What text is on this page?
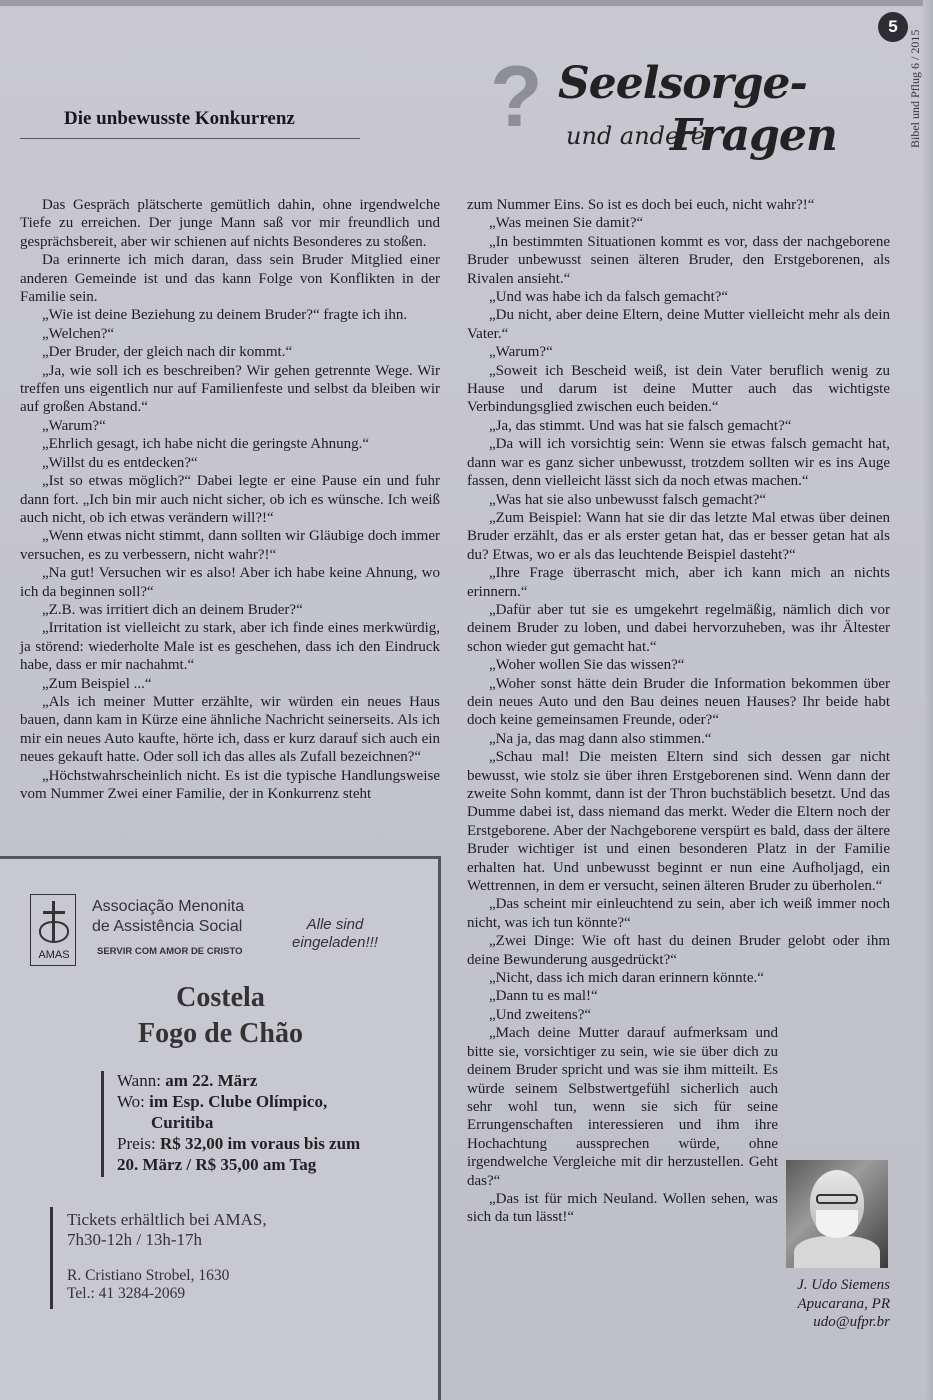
5
Bibel und Pflug 6 / 2015
Die unbewusste Konkurrenz ? Seelsorge-
und andere
Fragen

Das Gespräch plätscherte gemütlich dahin, ohne irgendwelche Tiefe zu erreichen. Der junge Mann saß vor mir freundlich und gesprächsbereit, aber wir schienen auf nichts Besonderes zu stoßen.

Da erinnerte ich mich daran, dass sein Bruder Mitglied einer anderen Gemeinde ist und das kann Folge von Konflikten in der Familie sein.

„Wie ist deine Beziehung zu deinem Bruder?“ fragte ich ihn.

„Welchen?“

„Der Bruder, der gleich nach dir kommt.“

„Ja, wie soll ich es beschreiben? Wir gehen getrennte Wege. Wir treffen uns eigentlich nur auf Familienfeste und selbst da bleiben wir auf großen Abstand.“

„Warum?“

„Ehrlich gesagt, ich habe nicht die geringste Ahnung.“

„Willst du es entdecken?“

„Ist so etwas möglich?“ Dabei legte er eine Pause ein und fuhr dann fort. „Ich bin mir auch nicht sicher, ob ich es wünsche. Ich weiß auch nicht, ob ich etwas verändern will?!“

„Wenn etwas nicht stimmt, dann sollten wir Gläubige doch immer versuchen, es zu verbessern, nicht wahr?!“

„Na gut! Versuchen wir es also! Aber ich habe keine Ahnung, wo ich da beginnen soll?“

„Z.B. was irritiert dich an deinem Bruder?“

„Irritation ist vielleicht zu stark, aber ich finde eines merkwürdig, ja störend: wiederholte Male ist es geschehen, dass ich den Eindruck habe, dass er mir nachahmt.“

„Zum Beispiel ...“

„Als ich meiner Mutter erzählte, wir würden ein neues Haus bauen, dann kam in Kürze eine ähnliche Nachricht seinerseits. Als ich mir ein neues Auto kaufte, hörte ich, dass er kurz darauf sich auch ein neues gekauft hatte. Oder soll ich das alles als Zufall bezeichnen?“

„Höchstwahrscheinlich nicht. Es ist die typische Handlungsweise vom Nummer Zwei einer Familie, der in Konkurrenz steht

zum Nummer Eins. So ist es doch bei euch, nicht wahr?!“

„Was meinen Sie damit?“

„In bestimmten Situationen kommt es vor, dass der nachgeborene Bruder unbewusst seinen älteren Bruder, den Erstgeborenen, als Rivalen ansieht.“

„Und was habe ich da falsch gemacht?“

„Du nicht, aber deine Eltern, deine Mutter vielleicht mehr als dein Vater.“

„Warum?“

„Soweit ich Bescheid weiß, ist dein Vater beruflich wenig zu Hause und darum ist deine Mutter auch das wichtigste Verbindungsglied zwischen euch beiden.“

„Ja, das stimmt. Und was hat sie falsch gemacht?“

„Da will ich vorsichtig sein: Wenn sie etwas falsch gemacht hat, dann war es ganz sicher unbewusst, trotzdem sollten wir es ins Auge fassen, denn vielleicht lässt sich da noch etwas machen.“

„Was hat sie also unbewusst falsch gemacht?“

„Zum Beispiel: Wann hat sie dir das letzte Mal etwas über deinen Bruder erzählt, das er als erster getan hat, das er besser getan hat als du? Etwas, wo er als das leuchtende Beispiel dasteht?“

„Ihre Frage überrascht mich, aber ich kann mich an nichts erinnern.“

„Dafür aber tut sie es umgekehrt regelmäßig, nämlich dich vor deinem Bruder zu loben, und dabei hervorzuheben, was ihr Ältester schon wieder gut gemacht hat.“

„Woher wollen Sie das wissen?“

„Woher sonst hätte dein Bruder die Information bekommen über dein neues Auto und den Bau deines neuen Hauses? Ihr beide habt doch keine gemeinsamen Freunde, oder?“

„Na ja, das mag dann also stimmen.“

„Schau mal! Die meisten Eltern sind sich dessen gar nicht bewusst, wie stolz sie über ihren Erstgeborenen sind. Wenn dann der zweite Sohn kommt, dann ist der Thron buchstäblich besetzt. Und das Dumme dabei ist, dass niemand das merkt. Weder die Eltern noch der Erstgeborene. Aber der Nachgeborene verspürt es bald, dass der ältere Bruder wichtiger ist und einen besonderen Platz in der Familie erhalten hat. Und unbewusst beginnt er nun eine Aufholjagd, ein Wettrennen, in dem er versucht, seinen älteren Bruder zu überholen.“

„Das scheint mir einleuchtend zu sein, aber ich weiß immer noch nicht, was ich tun könnte?“

„Zwei Dinge: Wie oft hast du deinen Bruder gelobt oder ihm deine Bewunderung ausgedrückt?“

„Nicht, dass ich mich daran erinnern könnte.“

„Dann tu es mal!“

„Und zweitens?“

„Mach deine Mutter darauf aufmerksam und bitte sie, vorsichtiger zu sein, wie sie über dich zu deinem Bruder spricht und was sie ihm mitteilt. Es würde seinem Selbstwertgefühl sicherlich auch sehr wohl tun, wenn sie sich für seine Errungenschaften interessieren und ihm ihre Hochachtung aussprechen würde, ohne irgendwelche Vergleiche mit dir herzustellen. Geht das?“

„Das ist für mich Neuland. Wollen sehen, was sich da tun lässt!“

J. Udo Siemens
Apucarana, PR
udo@ufpr.br
AMAS
Associação Menonita
de Assistência Social
SERVIR COM AMOR DE CRISTO
Alle sind
eingeladen!!!
Costela
Fogo de Chão
Wann: am 22. März
Wo: im Esp. Clube Olímpico,
Curitiba
Preis: R$ 32,00 im voraus bis zum
20. März / R$ 35,00 am Tag
Tickets erhältlich bei AMAS,
7h30-12h / 13h-17h
R. Cristiano Strobel, 1630
Tel.: 41 3284-2069
